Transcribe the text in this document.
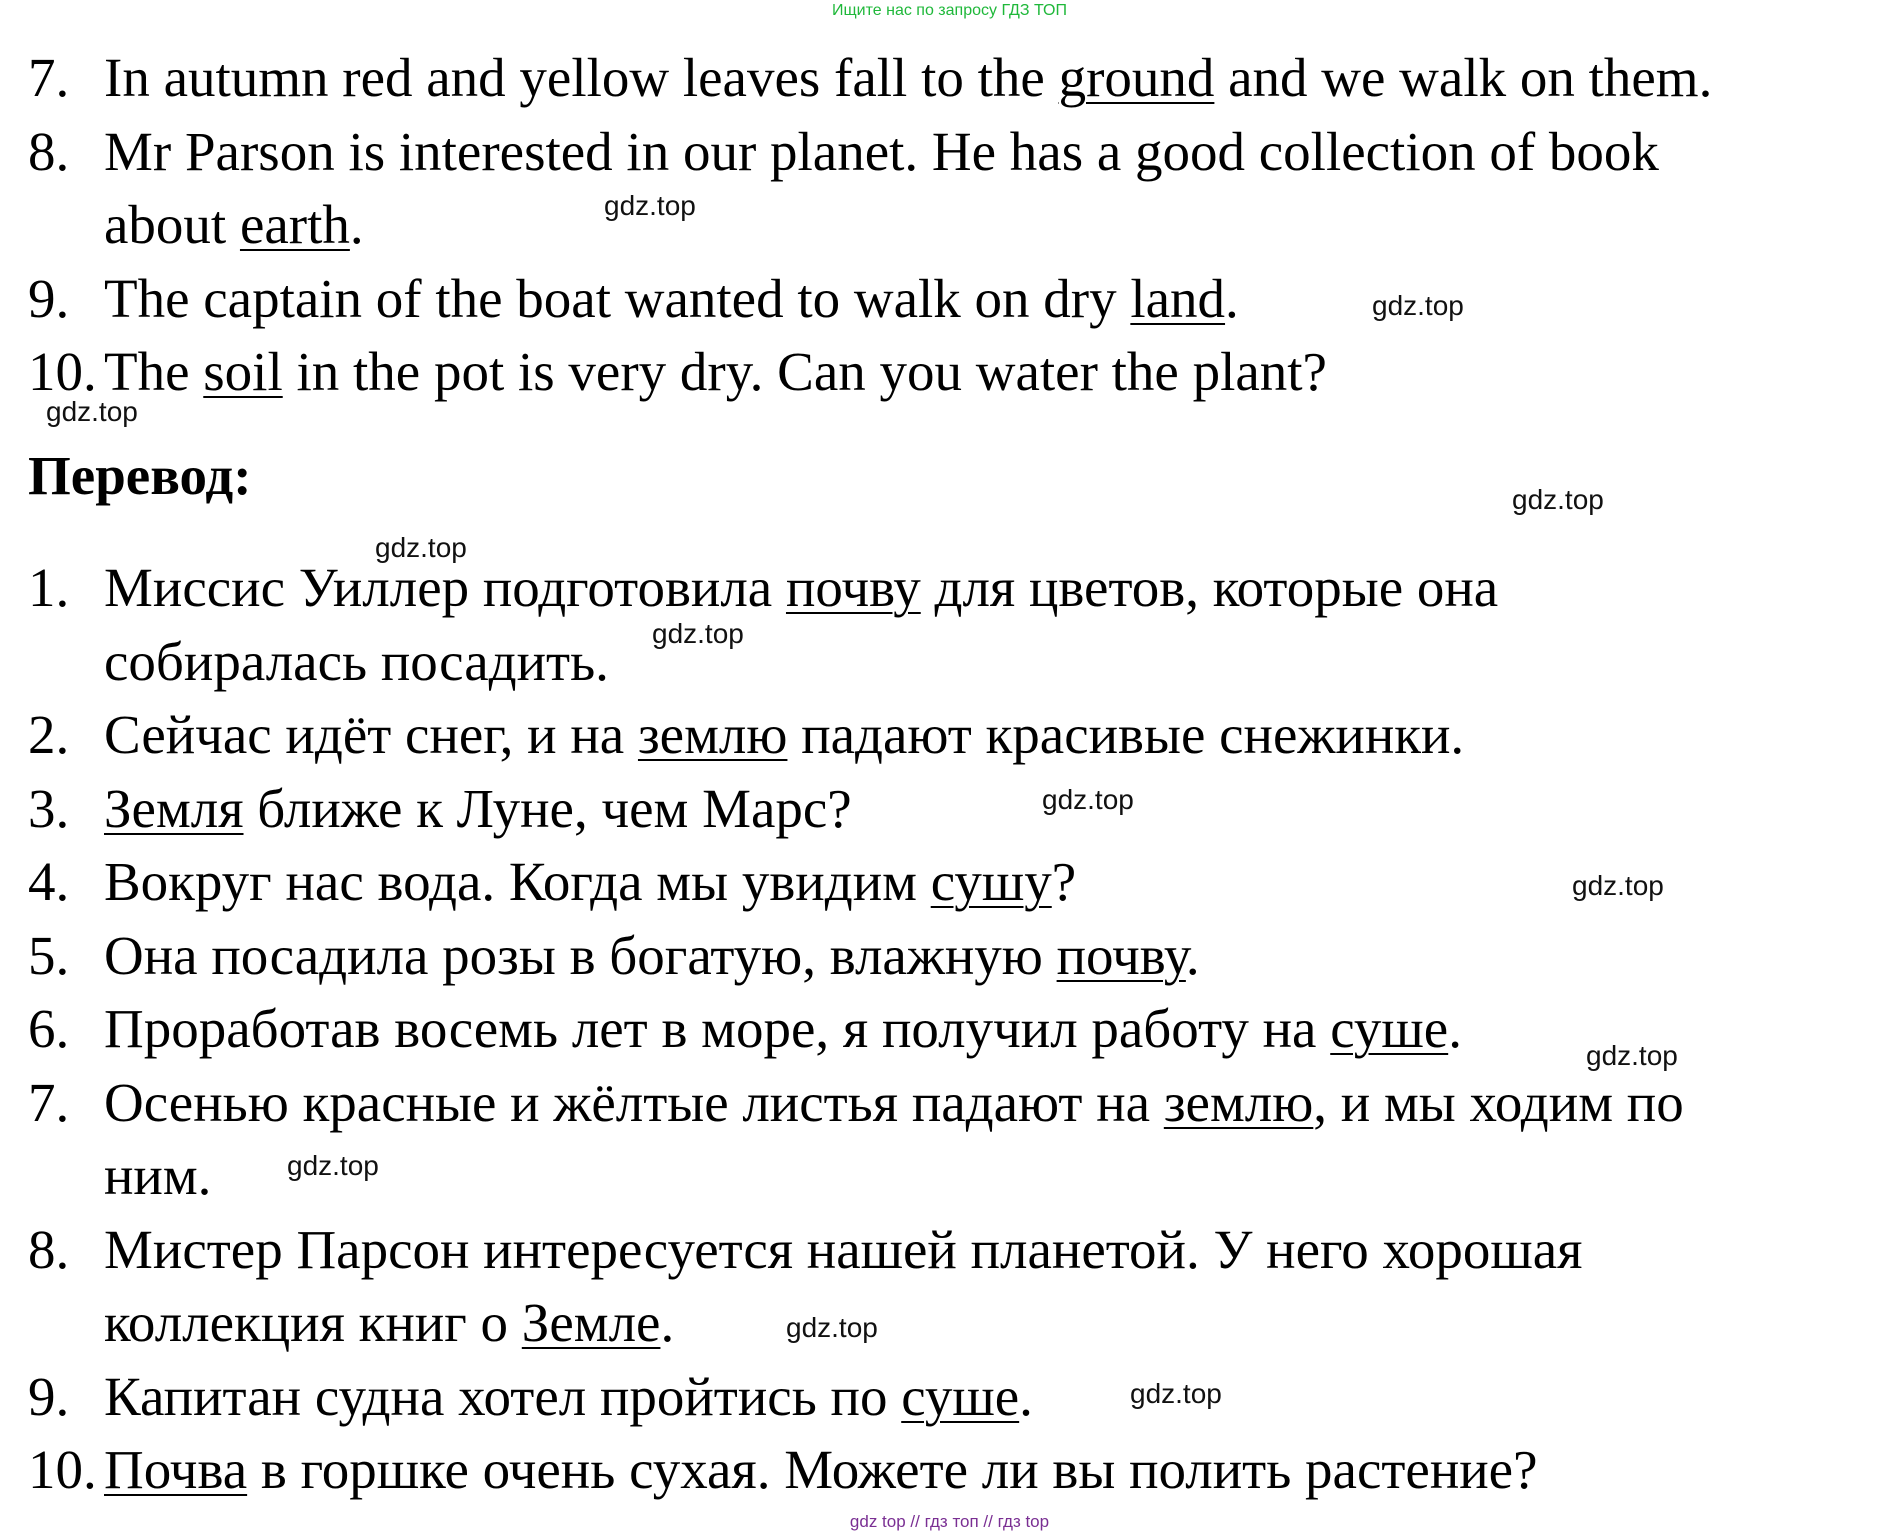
Ищите нас по запросу ГДЗ ТОП
7. In autumn red and yellow leaves fall to the ground and we walk on them.
8. Mr Parson is interested in our planet. He has a good collection of book
about earth.
9. The captain of the boat wanted to walk on dry land.
10. The soil in the pot is very dry. Can you water the plant?
Перевод:
1. Миссис Уиллер подготовила почву для цветов, которые она
собиралась посадить.
2. Сейчас идёт снег, и на землю падают красивые снежинки.
3. Земля ближе к Луне, чем Марс?
4. Вокруг нас вода. Когда мы увидим сушу?
5. Она посадила розы в богатую, влажную почву.
6. Проработав восемь лет в море, я получил работу на суше.
7. Осенью красные и жёлтые листья падают на землю, и мы ходим по
ним.
8. Мистер Парсон интересуется нашей планетой. У него хорошая
коллекция книг о Земле.
9. Капитан судна хотел пройтись по суше.
10. Почва в горшке очень сухая. Можете ли вы полить растение?
gdz top // гдз топ // гдз top
gdz.top
gdz.top
gdz.top
gdz.top
gdz.top
gdz.top
gdz.top
gdz.top
gdz.top
gdz.top
gdz.top
gdz.top
